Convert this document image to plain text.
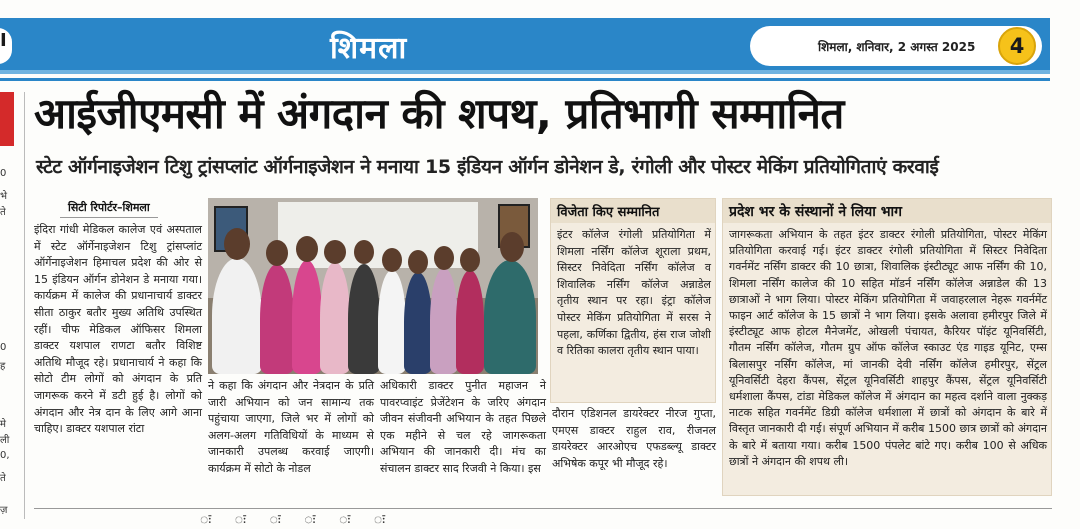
शिमला	शिमला, शनिवार, 2 अगस्त 2025	4
I
0
भे
ते
0
ह
मे
ली
0,
ते
ज़
आईजीएमसी में अंगदान की शपथ, प्रतिभागी सम्मानित
स्टेट ऑर्गनाइजेशन टिशु ट्रांसप्लांट ऑर्गनाइजेशन ने मनाया 15 इंडियन ऑर्गन डोनेशन डे, रंगोली और पोस्टर मेकिंग प्रतियोगिताएं करवाई
सिटी रिपोर्टर–शिमला

इंदिरा गांधी मेडिकल कालेज एवं अस्पताल में स्टेट ऑर्गेनाइजेशन टिशु ट्रांसप्लांट ऑर्गेनाइजेशन हिमाचल प्रदेश की ओर से 15 इंडियन ऑर्गन डोनेशन डे मनाया गया। कार्यक्रम में कालेज की प्रधानाचार्य डाक्टर सीता ठाकुर बतौर मुख्य अतिथि उपस्थित रहीं। चीफ मेडिकल ऑफिसर शिमला डाक्टर यशपाल राणटा बतौर विशिष्ट अतिथि मौजूद रहे। प्रधानाचार्य ने कहा कि सोटो टीम लोगों को अंगदान के प्रति जागरूक करने में डटी हुई है। लोगों को अंगदान और नेत्र दान के लिए आगे आना चाहिए। डाक्टर यशपाल रांटा

ने कहा कि अंगदान और नेत्रदान के प्रति जारी अभियान को जन सामान्य तक पहुंचाया जाएगा, जिले भर में लोगों को अलग-अलग गतिविधियों के माध्यम से जानकारी उपलब्ध करवाई जाएगी। कार्यक्रम में सोटो के नोडल

अधिकारी डाक्टर पुनीत महाजन ने पावरप्वाइंट प्रेजेंटेशन के जरिए अंगदान जीवन संजीवनी अभियान के तहत पिछले एक महीने से चल रहे जागरूकता अभियान की जानकारी दी। मंच का संचालन डाक्टर साद रिजवी ने किया। इस

विजेता किए सम्मानित

इंटर कॉलेज रंगोली प्रतियोगिता में शिमला नर्सिंग कॉलेज शूराला प्रथम, सिस्टर निवेदिता नर्सिंग कॉलेज व शिवालिक नर्सिंग कॉलेज अन्नाडेल तृतीय स्थान पर रहा। इंट्रा कॉलेज पोस्टर मेकिंग प्रतियोगिता में सरस ने पहला, कर्णिका द्वितीय, हंस राज जोशी व रितिका कालरा तृतीय स्थान पाया।

दौरान एडिशनल डायरेक्टर नीरज गुप्ता, एमएस डाक्टर राहुल राव, रीजनल डायरेक्टर आरओएच एफडब्ल्यू डाक्टर अभिषेक कपूर भी मौजूद रहे।

प्रदेश भर के संस्थानों ने लिया भाग

जागरूकता अभियान के तहत इंटर डाक्टर रंगोली प्रतियोगिता, पोस्टर मेकिंग प्रतियोगिता करवाई गई। इंटर डाक्टर रंगोली प्रतियोगिता में सिस्टर निवेदिता गवर्नमेंट नर्सिंग डाक्टर की 10 छात्रा, शिवालिक इंस्टीट्यूट आफ नर्सिंग की 10, शिमला नर्सिंग कालेज की 10 सहित मॉडर्न नर्सिंग कॉलेज अन्नाडेल की 13 छात्राओं ने भाग लिया। पोस्टर मेकिंग प्रतियोगिता में जवाहरलाल नेहरू गवर्नमेंट फाइन आर्ट कॉलेज के 15 छात्रों ने भाग लिया। इसके अलावा हमीरपुर जिले में इंस्टीट्यूट आफ होटल मैनेजमेंट, ओखली पंचायत, कैरियर पॉइंट यूनिवर्सिटी, गौतम नर्सिंग कॉलेज, गौतम ग्रुप ऑफ कॉलेज स्काउट एंड गाइड यूनिट, एम्स बिलासपुर नर्सिंग कॉलेज, मां जानकी देवी नर्सिंग कॉलेज हमीरपुर, सेंट्रल यूनिवर्सिटी देहरा कैंपस, सेंट्रल यूनिवर्सिटी शाहपुर कैंपस, सेंट्रल यूनिवर्सिटी धर्मशाला कैंपस, टांडा मेडिकल कॉलेज में अंगदान का महत्व दर्शाने वाला नुक्कड़ नाटक सहित गवर्नमेंट डिग्री कॉलेज धर्मशाला में छात्रों को अंगदान के बारे में विस्तृत जानकारी दी गई। संपूर्ण अभियान में करीब 1500 छात्र छात्रों को अंगदान के बारे में बताया गया। करीब 1500 पंपलेट बांटे गए। करीब 100 से अधिक छात्रों ने अंगदान की शपथ ली।

ः ः ः ः ः ः
